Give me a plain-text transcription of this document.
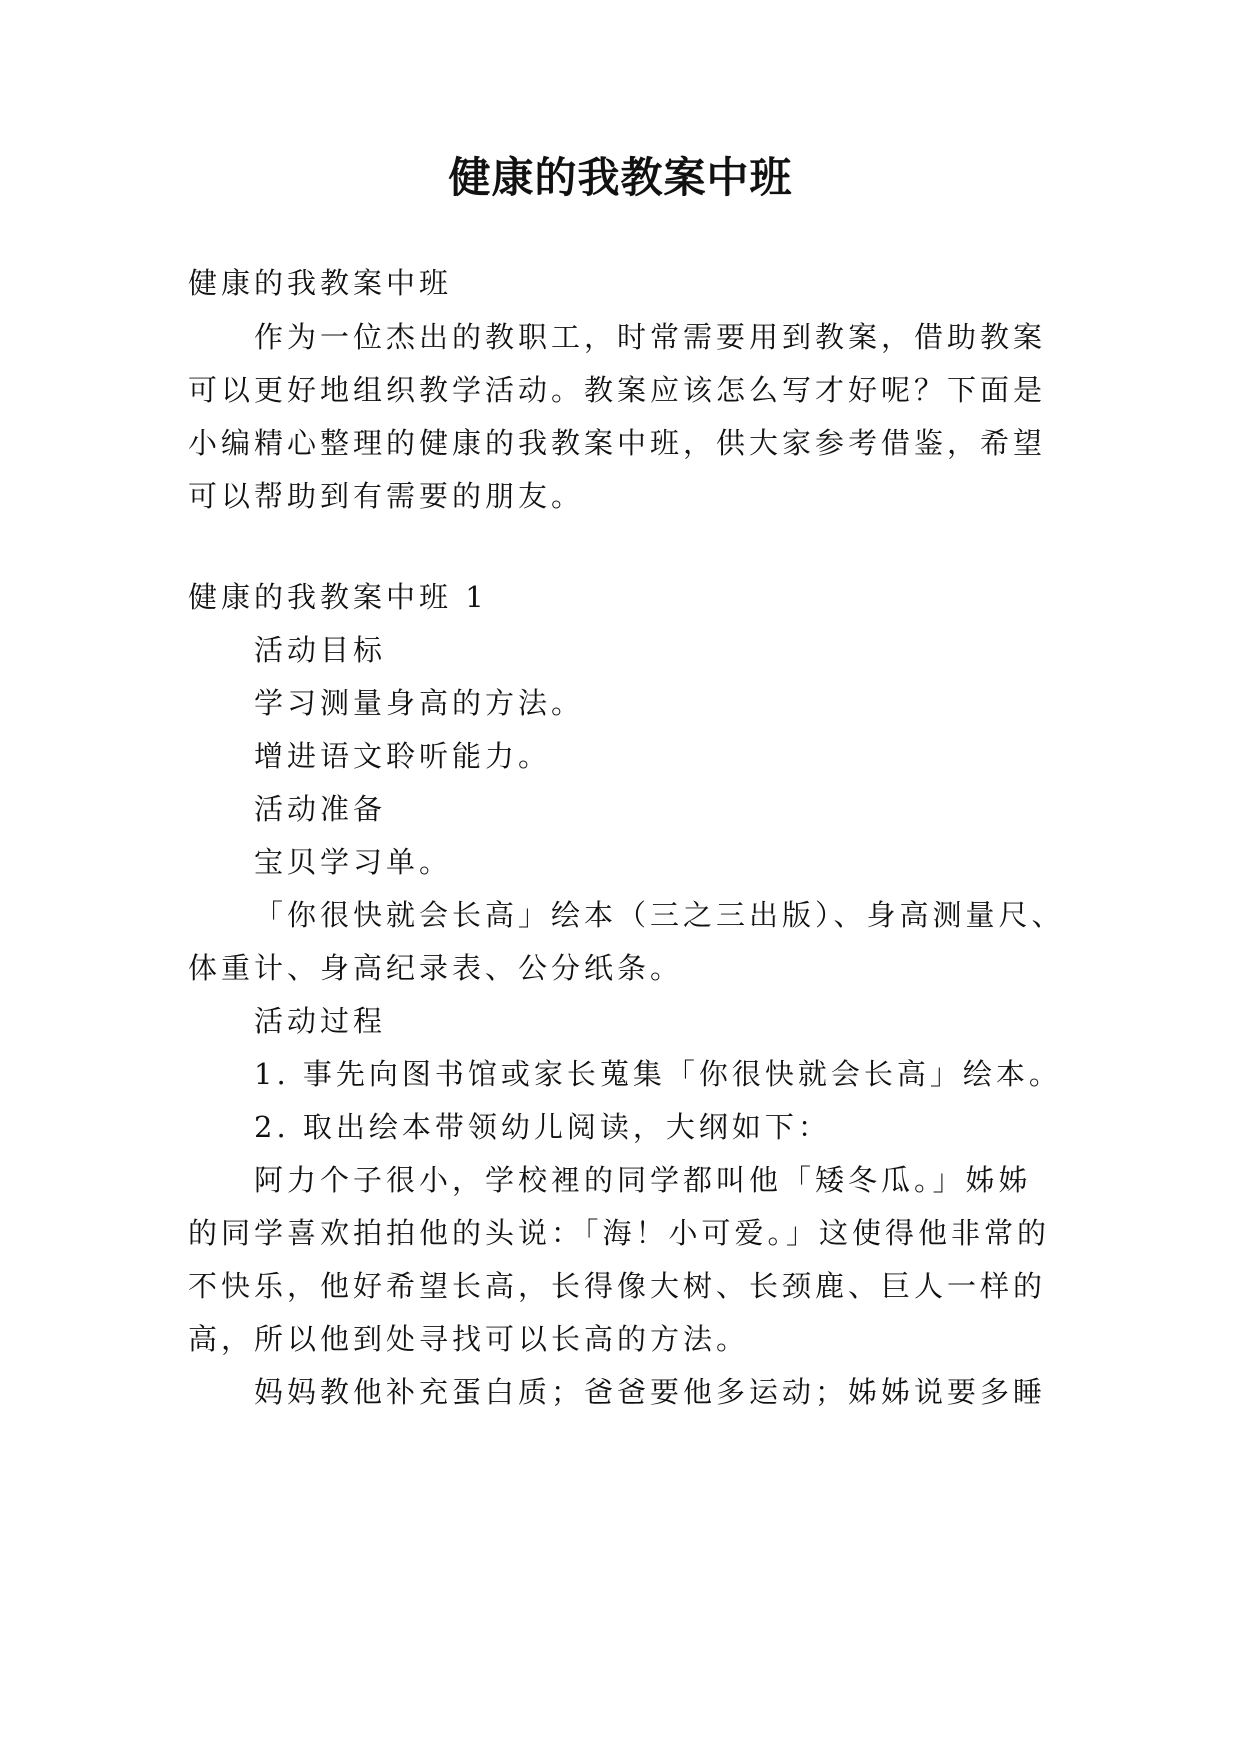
健康的我教案中班
健康的我教案中班
作为一位杰出的教职工，时常需要用到教案，借助教案
可以更好地组织教学活动。教案应该怎么写才好呢？下面是
小编精心整理的健康的我教案中班，供大家参考借鉴，希望
可以帮助到有需要的朋友。
健康的我教案中班 1
活动目标
学习测量身高的方法。
增进语文聆听能力。
活动准备
宝贝学习单。
「你很快就会长高」绘本（三之三出版）、身高测量尺、
体重计、身高纪录表、公分纸条。
活动过程
1. 事先向图书馆或家长蒐集「你很快就会长高」绘本。
2. 取出绘本带领幼儿阅读，大纲如下：
阿力个子很小，学校裡的同学都叫他「矮冬瓜。」姊姊
的同学喜欢拍拍他的头说：「海！小可爱。」这使得他非常的
不快乐，他好希望长高，长得像大树、长颈鹿、巨人一样的
高，所以他到处寻找可以长高的方法。
妈妈教他补充蛋白质；爸爸要他多运动；姊姊说要多睡
